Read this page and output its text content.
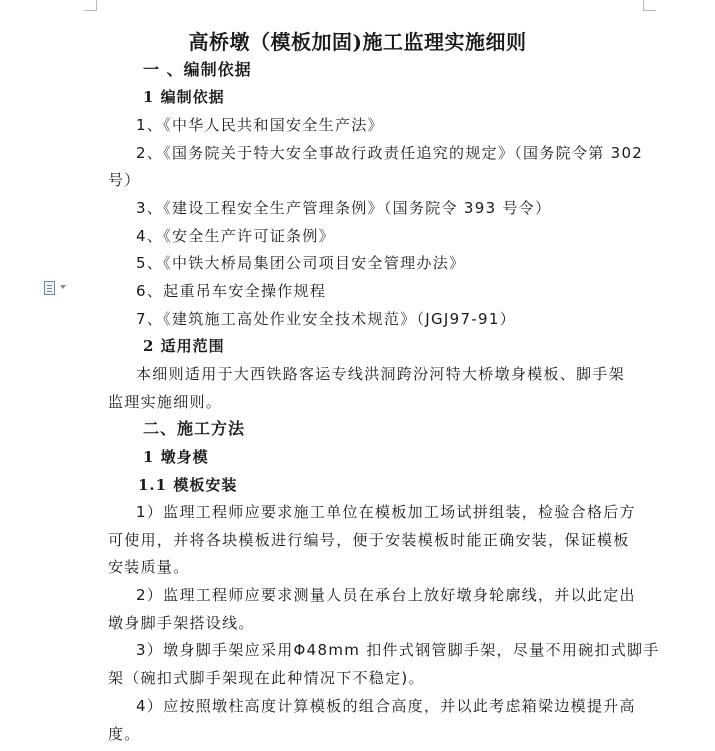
高桥墩（模板加固)施工监理实施细则
一 、编制依据
1 编制依据
1、《中华人民共和国安全生产法》
2、《国务院关于特大安全事故行政责任追究的规定》（国务院令第 302
号）
3、《建设工程安全生产管理条例》（国务院令 393 号令）
4、《安全生产许可证条例》
5、《中铁大桥局集团公司项目安全管理办法》
6、起重吊车安全操作规程
7、《建筑施工高处作业安全技术规范》（JGJ97-91）
2 适用范围
本细则适用于大西铁路客运专线洪洞跨汾河特大桥墩身模板、脚手架
监理实施细则。
二、施工方法
1 墩身模
1.1 模板安装
1）监理工程师应要求施工单位在模板加工场试拼组装，检验合格后方
可使用，并将各块模板进行编号，便于安装模板时能正确安装，保证模板
安装质量。
2）监理工程师应要求测量人员在承台上放好墩身轮廓线，并以此定出
墩身脚手架搭设线。
3）墩身脚手架应采用Φ48mm 扣件式钢管脚手架，尽量不用碗扣式脚手
架（碗扣式脚手架现在此种情况下不稳定)。
4）应按照墩柱高度计算模板的组合高度，并以此考虑箱梁边模提升高
度。
